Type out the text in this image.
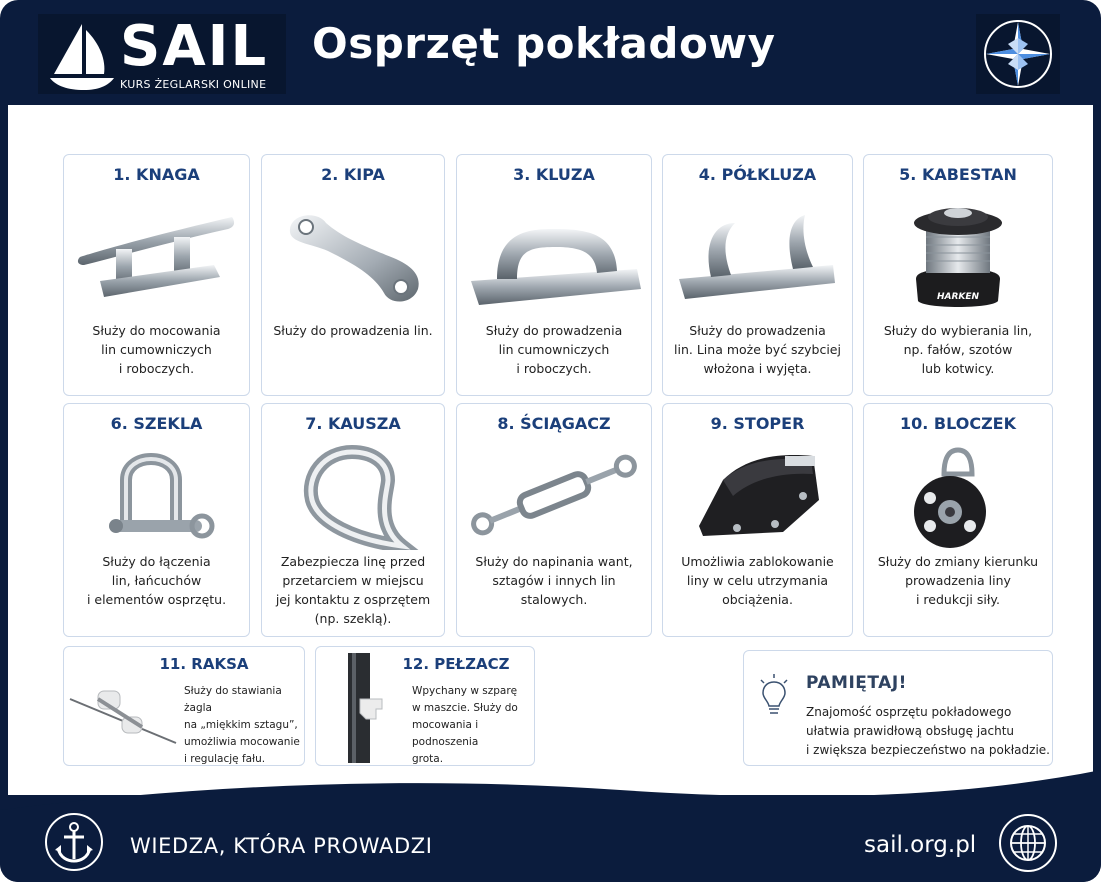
SAIL
KURS ŻEGLARSKI ONLINE
Osprzęt pokładowy
1. KNAGA
Służy do mocowania
lin cumowniczych
i roboczych.
2. KIPA
Służy do prowadzenia lin.
3. KLUZA
Służy do prowadzenia
lin cumowniczych
i roboczych.
4. PÓŁKLUZA
Służy do prowadzenia
lin. Lina może być szybciej
włożona i wyjęta.
5. KABESTAN
HARKEN
Służy do wybierania lin,
np. fałów, szotów
lub kotwicy.
6. SZEKLA
Służy do łączenia
lin, łańcuchów
i elementów osprzętu.
7. KAUSZA
Zabezpiecza linę przed
przetarciem w miejscu
jej kontaktu z osprzętem
(np. szeklą).
8. ŚCIĄGACZ
Służy do napinania want,
sztagów i innych lin
stalowych.
9. STOPER
Umożliwia zablokowanie
liny w celu utrzymania
obciążenia.
10. BLOCZEK
Służy do zmiany kierunku
prowadzenia liny
i redukcji siły.
11. RAKSA
Służy do stawiania żagla
na „miękkim sztagu”,
umożliwia mocowanie
i regulację fału.
12. PEŁZACZ
Wpychany w szparę
w maszcie. Służy do
mocowania i podnoszenia
grota.
PAMIĘTAJ!
Znajomość osprzętu pokładowego
ułatwia prawidłową obsługę jachtu
i zwiększa bezpieczeństwo na pokładzie.
WIEDZA, KTÓRA PROWADZI	sail.org.pl
